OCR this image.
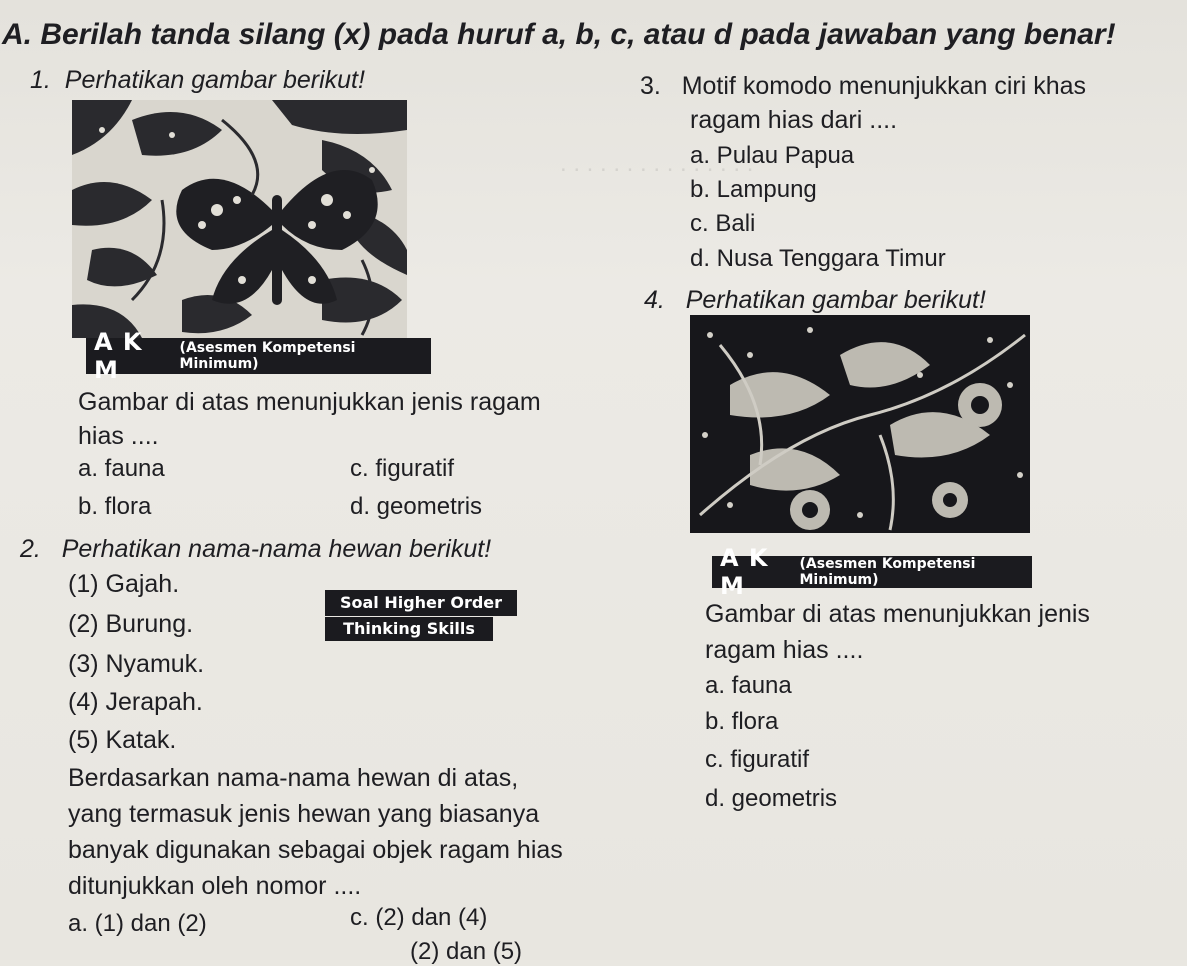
. . . . . . . . . . . . . . .
A. Berilah tanda silang (x) pada huruf a, b, c, atau d pada jawaban yang benar!
1. Perhatikan gambar berikut!
A K M
(Asesmen Kompetensi Minimum)
Gambar di atas menunjukkan jenis ragam
hias ....
a. fauna	c. figuratif
b. flora	d. geometris
2. Perhatikan nama-nama hewan berikut!
(1) Gajah.
(2) Burung.
(3) Nyamuk.
(4) Jerapah.
(5) Katak.
Soal Higher Order
Thinking Skills
Berdasarkan nama-nama hewan di atas,
yang termasuk jenis hewan yang biasanya
banyak digunakan sebagai objek ragam hias
ditunjukkan oleh nomor ....
a. (1) dan (2)	c. (2) dan (4)
(2) dan (5)
3. Motif komodo menunjukkan ciri khas
ragam hias dari ....
a. Pulau Papua
b. Lampung
c. Bali
d. Nusa Tenggara Timur
4. Perhatikan gambar berikut!
A K M
(Asesmen Kompetensi Minimum)
Gambar di atas menunjukkan jenis
ragam hias ....
a. fauna
b. flora
c. figuratif
d. geometris
